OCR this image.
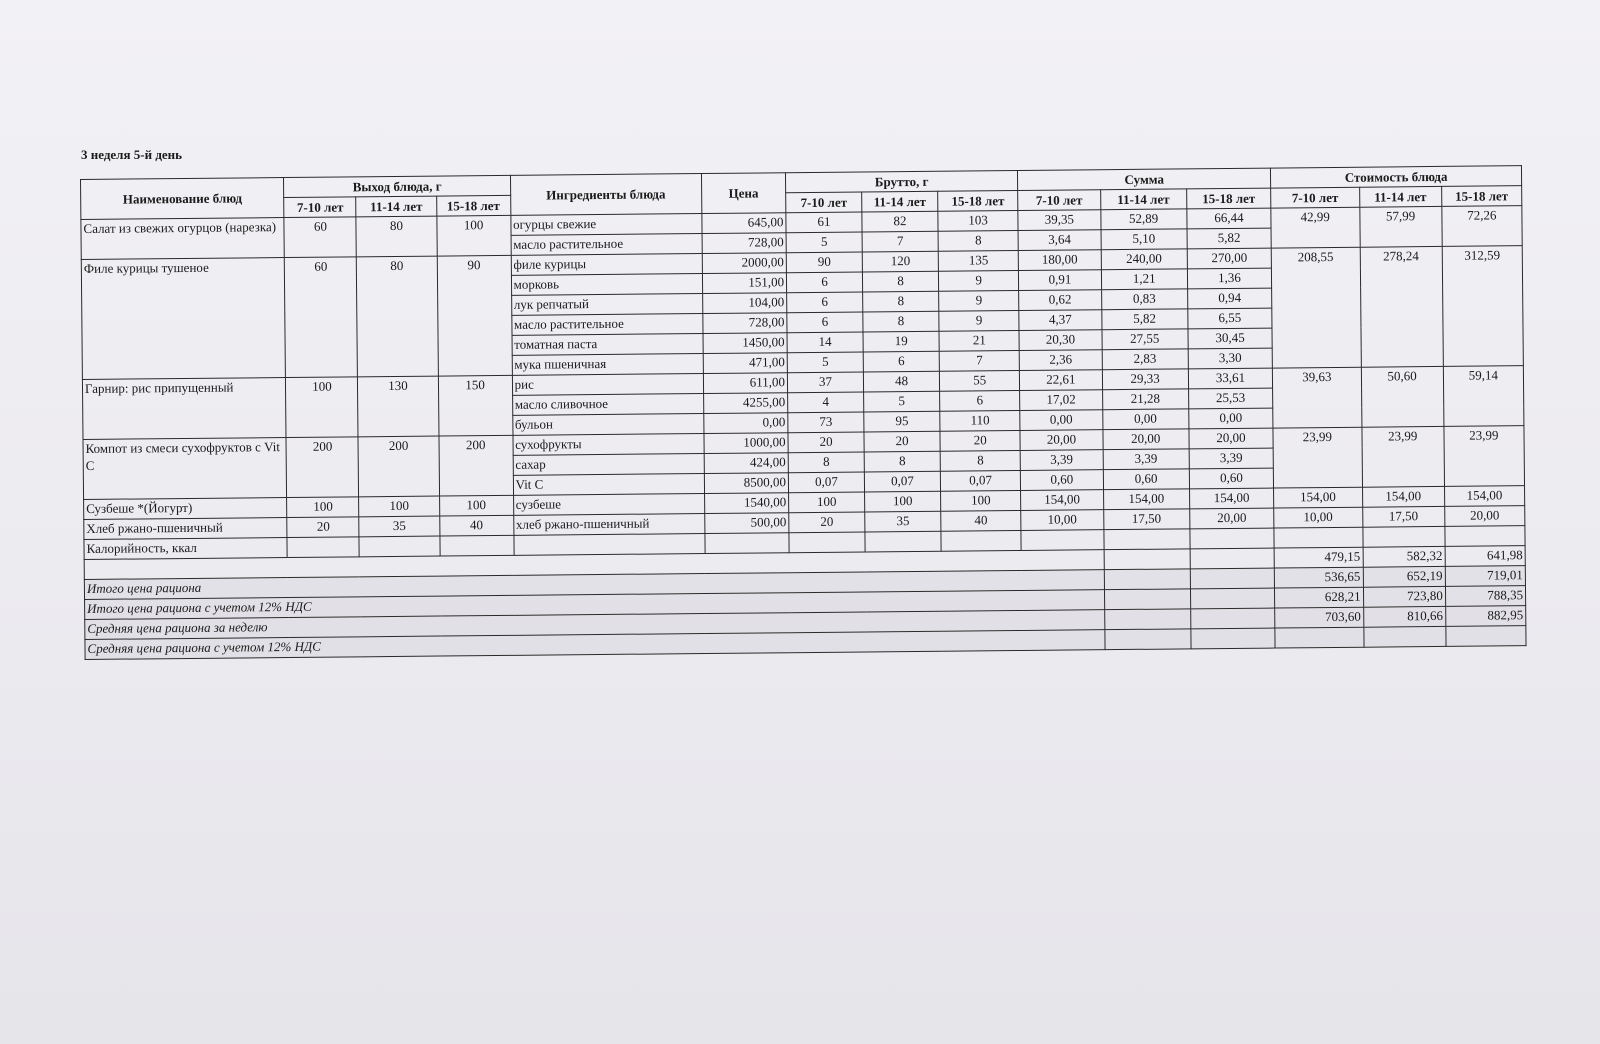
3 неделя 5-й день
Наименование блюд	Выход блюда, г			Ингредиенты блюда	Цена	Брутто, г			Сумма			Стоимость блюда		
	7-10 лет	11-14 лет	15-18 лет			7-10 лет	11-14 лет	15-18 лет	7-10 лет	11-14 лет	15-18 лет	7-10 лет	11-14 лет	15-18 лет
Салат из свежих огурцов (нарезка)	60	80	100	огурцы свежие	645,00	61	82	103	39,35	52,89	66,44	42,99	57,99	72,26
				масло растительное	728,00	5	7	8	3,64	5,10	5,82			
Филе курицы тушеное	60	80	90	филе курицы	2000,00	90	120	135	180,00	240,00	270,00	208,55	278,24	312,59
				морковь	151,00	6	8	9	0,91	1,21	1,36			
				лук репчатый	104,00	6	8	9	0,62	0,83	0,94			
				масло растительное	728,00	6	8	9	4,37	5,82	6,55			
				томатная паста	1450,00	14	19	21	20,30	27,55	30,45			
				мука пшеничная	471,00	5	6	7	2,36	2,83	3,30			
Гарнир: рис припущенный	100	130	150	рис	611,00	37	48	55	22,61	29,33	33,61	39,63	50,60	59,14
				масло сливочное	4255,00	4	5	6	17,02	21,28	25,53			
				бульон	0,00	73	95	110	0,00	0,00	0,00			
Компот из смеси сухофруктов с Vit C	200	200	200	сухофрукты	1000,00	20	20	20	20,00	20,00	20,00	23,99	23,99	23,99
				сахар	424,00	8	8	8	3,39	3,39	3,39			
				Vit C	8500,00	0,07	0,07	0,07	0,60	0,60	0,60			
Сузбеше *(Йогурт)	100	100	100	сузбеше	1540,00	100	100	100	154,00	154,00	154,00	154,00	154,00	154,00
Хлеб ржано-пшеничный	20	35	40	хлеб ржано-пшеничный	500,00	20	35	40	10,00	17,50	20,00	10,00	17,50	20,00
Калорийность, ккал														
												479,15	582,32	641,98
Итого цена рациона												536,65	652,19	719,01
Итого цена рациона с учетом 12% НДС												628,21	723,80	788,35
Средняя цена рациона за неделю												703,60	810,66	882,95
Средняя цена рациона с учетом 12% НДС														
